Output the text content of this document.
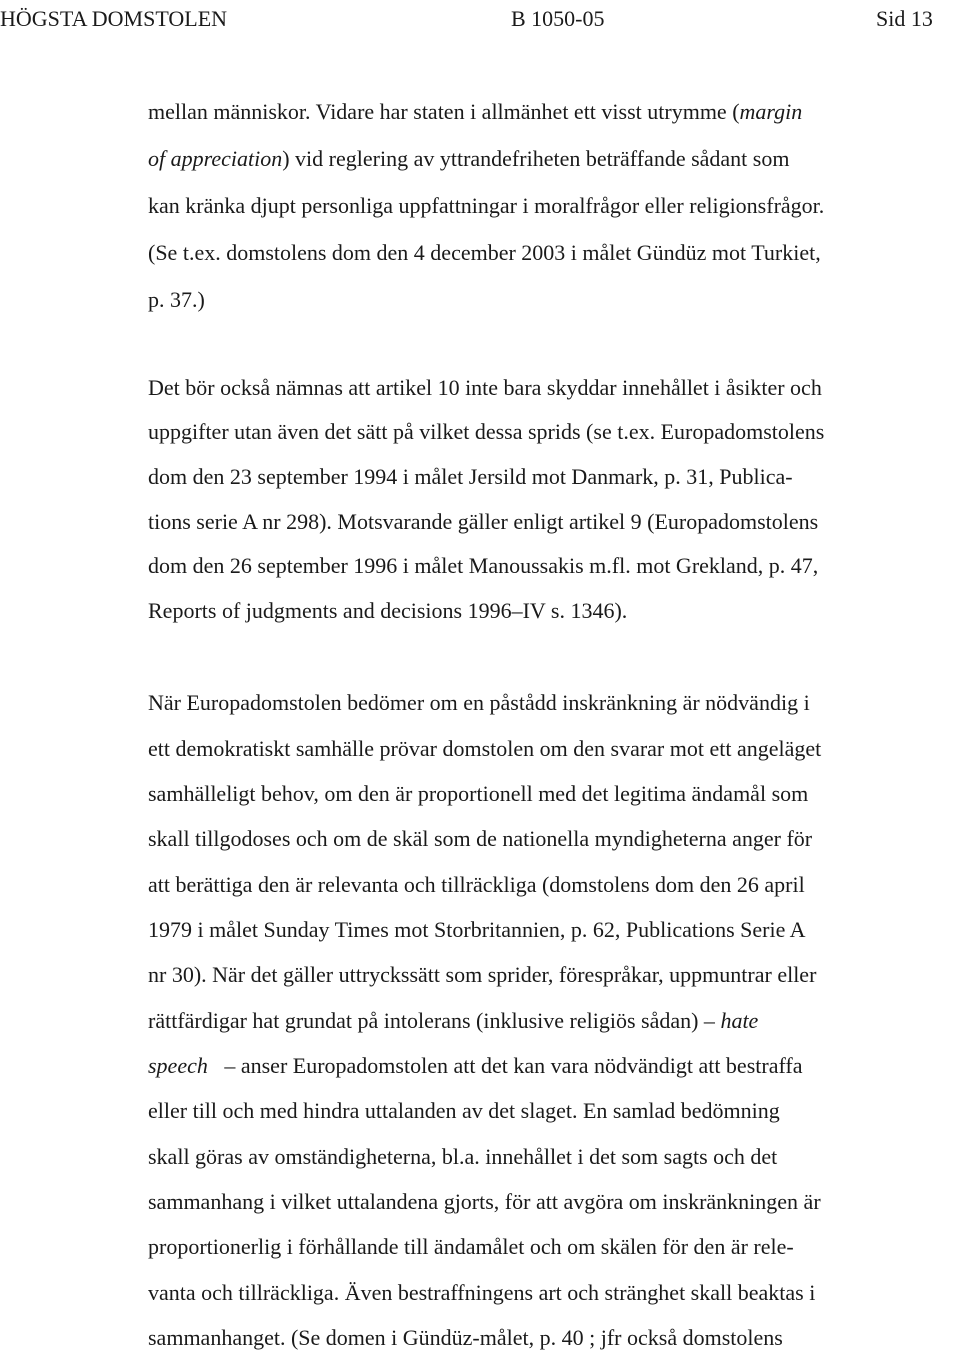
HÖGSTA DOMSTOLEN	B 1050-05	Sid 13
mellan människor. Vidare har staten i allmänhet ett visst utrymme (margin
of appreciation) vid reglering av yttrandefriheten beträffande sådant som
kan kränka djupt personliga uppfattningar i moralfrågor eller religionsfrågor.
(Se t.ex. domstolens dom den 4 december 2003 i målet Gündüz mot Turkiet,
p. 37.)
Det bör också nämnas att artikel 10 inte bara skyddar innehållet i åsikter och
uppgifter utan även det sätt på vilket dessa sprids (se t.ex. Europadomstolens
dom den 23 september 1994 i målet Jersild mot Danmark, p. 31, Publica-
tions serie A nr 298). Motsvarande gäller enligt artikel 9 (Europadomstolens
dom den 26 september 1996 i målet Manoussakis m.fl. mot Grekland, p. 47,
Reports of judgments and decisions 1996–IV s. 1346).
När Europadomstolen bedömer om en påstådd inskränkning är nödvändig i
ett demokratiskt samhälle prövar domstolen om den svarar mot ett angeläget
samhälleligt behov, om den är proportionell med det legitima ändamål som
skall tillgodoses och om de skäl som de nationella myndigheterna anger för
att berättiga den är relevanta och tillräckliga (domstolens dom den 26 april
1979 i målet Sunday Times mot Storbritannien, p. 62, Publications Serie A
nr 30). När det gäller uttryckssätt som sprider, förespråkar, uppmuntrar eller
rättfärdigar hat grundat på intolerans (inklusive religiös sådan) – hate
speech – anser Europadomstolen att det kan vara nödvändigt att bestraffa
eller till och med hindra uttalanden av det slaget. En samlad bedömning
skall göras av omständigheterna, bl.a. innehållet i det som sagts och det
sammanhang i vilket uttalandena gjorts, för att avgöra om inskränkningen är
proportionerlig i förhållande till ändamålet och om skälen för den är rele-
vanta och tillräckliga. Även bestraffningens art och stränghet skall beaktas i
sammanhanget. (Se domen i Gündüz-målet, p. 40 ; jfr också domstolens
